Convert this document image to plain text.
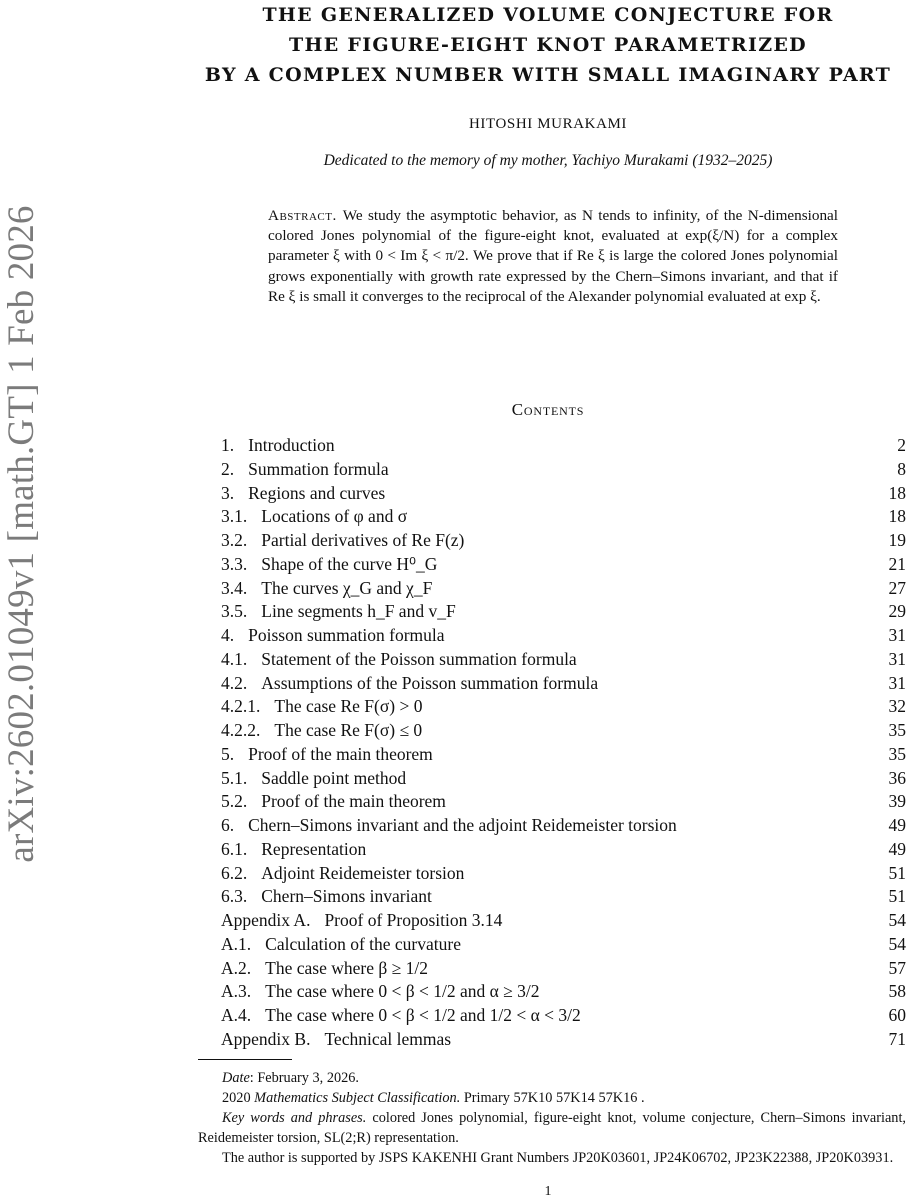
arXiv:2602.01049v1 [math.GT] 1 Feb 2026
THE GENERALIZED VOLUME CONJECTURE FOR
THE FIGURE-EIGHT KNOT PARAMETRIZED
BY A COMPLEX NUMBER WITH SMALL IMAGINARY PART
HITOSHI MURAKAMI
Dedicated to the memory of my mother, Yachiyo Murakami (1932–2025)
Abstract. We study the asymptotic behavior, as N tends to infinity, of the N-dimensional colored Jones polynomial of the figure-eight knot, evaluated at exp(ξ/N) for a complex parameter ξ with 0 < Im ξ < π/2. We prove that if Re ξ is large the colored Jones polynomial grows exponentially with growth rate expressed by the Chern–Simons invariant, and that if Re ξ is small it converges to the reciprocal of the Alexander polynomial evaluated at exp ξ.
Contents
1. Introduction	2
2. Summation formula	8
3. Regions and curves	18
3.1. Locations of φ and σ	18
3.2. Partial derivatives of Re F(z)	19
3.3. Shape of the curve H⁰_G	21
3.4. The curves χ_G and χ_F	27
3.5. Line segments h_F and v_F	29
4. Poisson summation formula	31
4.1. Statement of the Poisson summation formula	31
4.2. Assumptions of the Poisson summation formula	31
4.2.1. The case Re F(σ) > 0	32
4.2.2. The case Re F(σ) ≤ 0	35
5. Proof of the main theorem	35
5.1. Saddle point method	36
5.2. Proof of the main theorem	39
6. Chern–Simons invariant and the adjoint Reidemeister torsion	49
6.1. Representation	49
6.2. Adjoint Reidemeister torsion	51
6.3. Chern–Simons invariant	51
Appendix A. Proof of Proposition 3.14	54
A.1. Calculation of the curvature	54
A.2. The case where β ≥ 1/2	57
A.3. The case where 0 < β < 1/2 and α ≥ 3/2	58
A.4. The case where 0 < β < 1/2 and 1/2 < α < 3/2	60
Appendix B. Technical lemmas	71

Date: February 3, 2026.

2020 Mathematics Subject Classification. Primary 57K10 57K14 57K16 .

Key words and phrases. colored Jones polynomial, figure-eight knot, volume conjecture, Chern–Simons invariant, Reidemeister torsion, SL(2;R) representation.

The author is supported by JSPS KAKENHI Grant Numbers JP20K03601, JP24K06702, JP23K22388, JP20K03931.

1
